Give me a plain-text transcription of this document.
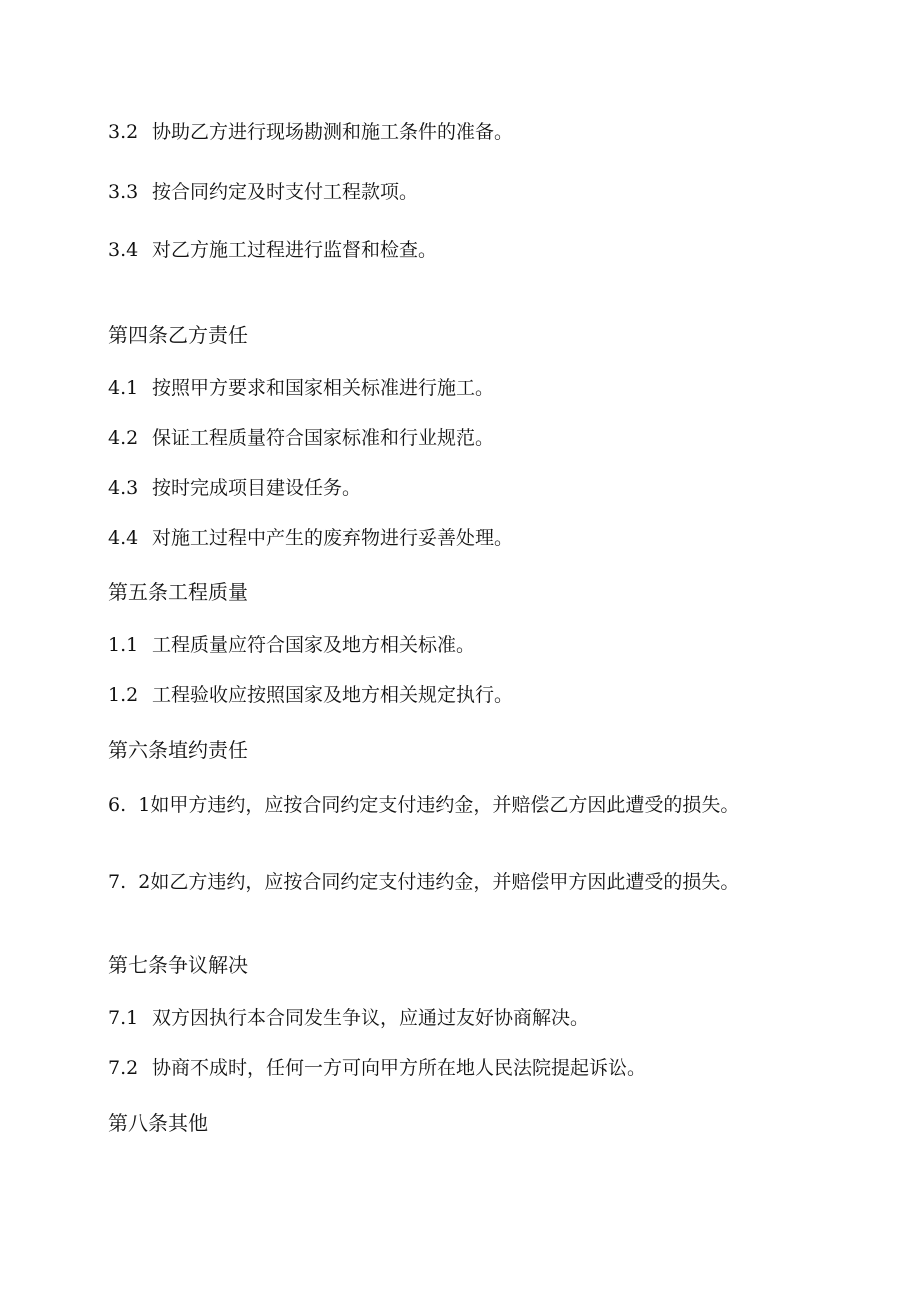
3.2 协助乙方进行现场勘测和施工条件的准备。
3.3 按合同约定及时支付工程款项。
3.4 对乙方施工过程进行监督和检查。
第四条乙方责任
4.1 按照甲方要求和国家相关标准进行施工。
4.2 保证工程质量符合国家标准和行业规范。
4.3 按时完成项目建设任务。
4.4 对施工过程中产生的废弃物进行妥善处理。
第五条工程质量
1.1 工程质量应符合国家及地方相关标准。
1.2 工程验收应按照国家及地方相关规定执行。
第六条埴约责任
6. 1如甲方违约，应按合同约定支付违约金，并赔偿乙方因此遭受的损失。
7. 2如乙方违约，应按合同约定支付违约金，并赔偿甲方因此遭受的损失。
第七条争议解决
7.1 双方因执行本合同发生争议，应通过友好协商解决。
7.2 协商不成时，任何一方可向甲方所在地人民法院提起诉讼。
第八条其他
